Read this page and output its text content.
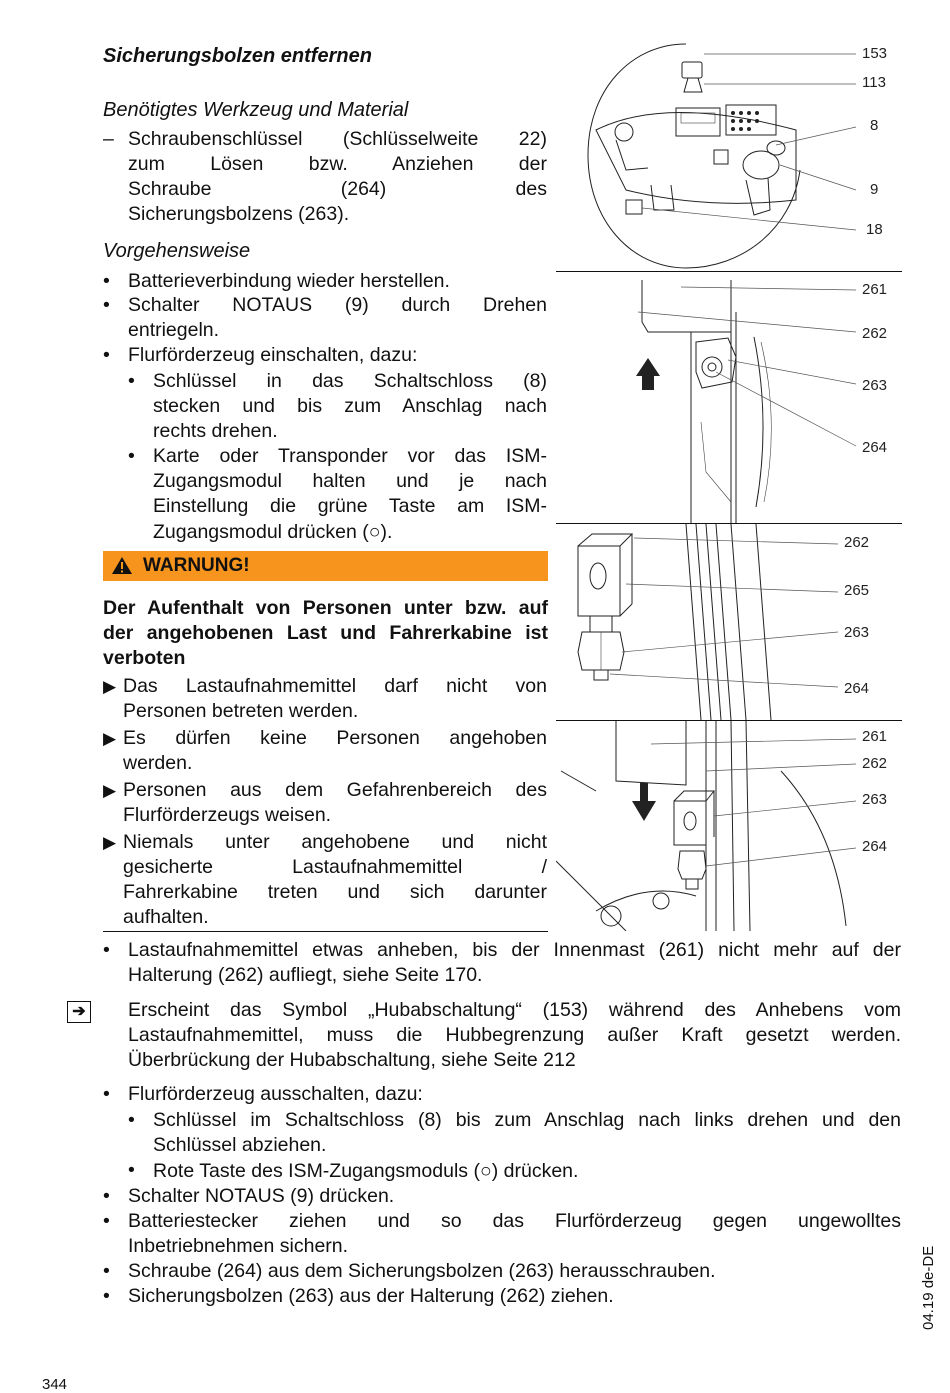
Sicherungsbolzen entfernen
Benötigtes Werkzeug und Material
– Schraubenschlüssel (Schlüsselweite 22)
zum Lösen bzw. Anziehen der
Schraube (264) des
Sicherungsbolzens (263).
Vorgehensweise
• Batterieverbindung wieder herstellen.
• Schalter NOTAUS (9) durch Drehen
entriegeln.
• Flurförderzeug einschalten, dazu:
• Schlüssel in das Schaltschloss (8)
stecken und bis zum Anschlag nach
rechts drehen.
• Karte oder Transponder vor das ISM-
Zugangsmodul halten und je nach
Einstellung die grüne Taste am ISM-
Zugangsmodul drücken (○).
WARNUNG!
Der Aufenthalt von Personen unter bzw. auf
der angehobenen Last und Fahrerkabine ist
verboten
▶ Das Lastaufnahmemittel darf nicht von
Personen betreten werden.
▶ Es dürfen keine Personen angehoben
werden.
▶ Personen aus dem Gefahrenbereich des
Flurförderzeugs weisen.
▶ Niemals unter angehobene und nicht
gesicherte Lastaufnahmemittel /
Fahrerkabine treten und sich darunter
aufhalten.
• Lastaufnahmemittel etwas anheben, bis der Innenmast (261) nicht mehr auf der
Halterung (262) aufliegt, siehe Seite 170.
➔ Erscheint das Symbol „Hubabschaltung“ (153) während des Anhebens vom
Lastaufnahmemittel, muss die Hubbegrenzung außer Kraft gesetzt werden.
Überbrückung der Hubabschaltung, siehe Seite 212
• Flurförderzeug ausschalten, dazu:
• Schlüssel im Schaltschloss (8) bis zum Anschlag nach links drehen und den
Schlüssel abziehen.
• Rote Taste des ISM-Zugangsmoduls (○) drücken.
• Schalter NOTAUS (9) drücken.
• Batteriestecker ziehen und so das Flurförderzeug gegen ungewolltes
Inbetriebnehmen sichern.
• Schraube (264) aus dem Sicherungsbolzen (263) herausschrauben.
• Sicherungsbolzen (263) aus der Halterung (262) ziehen.
344
04.19 de-DE
153
113
8
9
18
261
262
263
264
262
265
263
264
261
262
263
264
